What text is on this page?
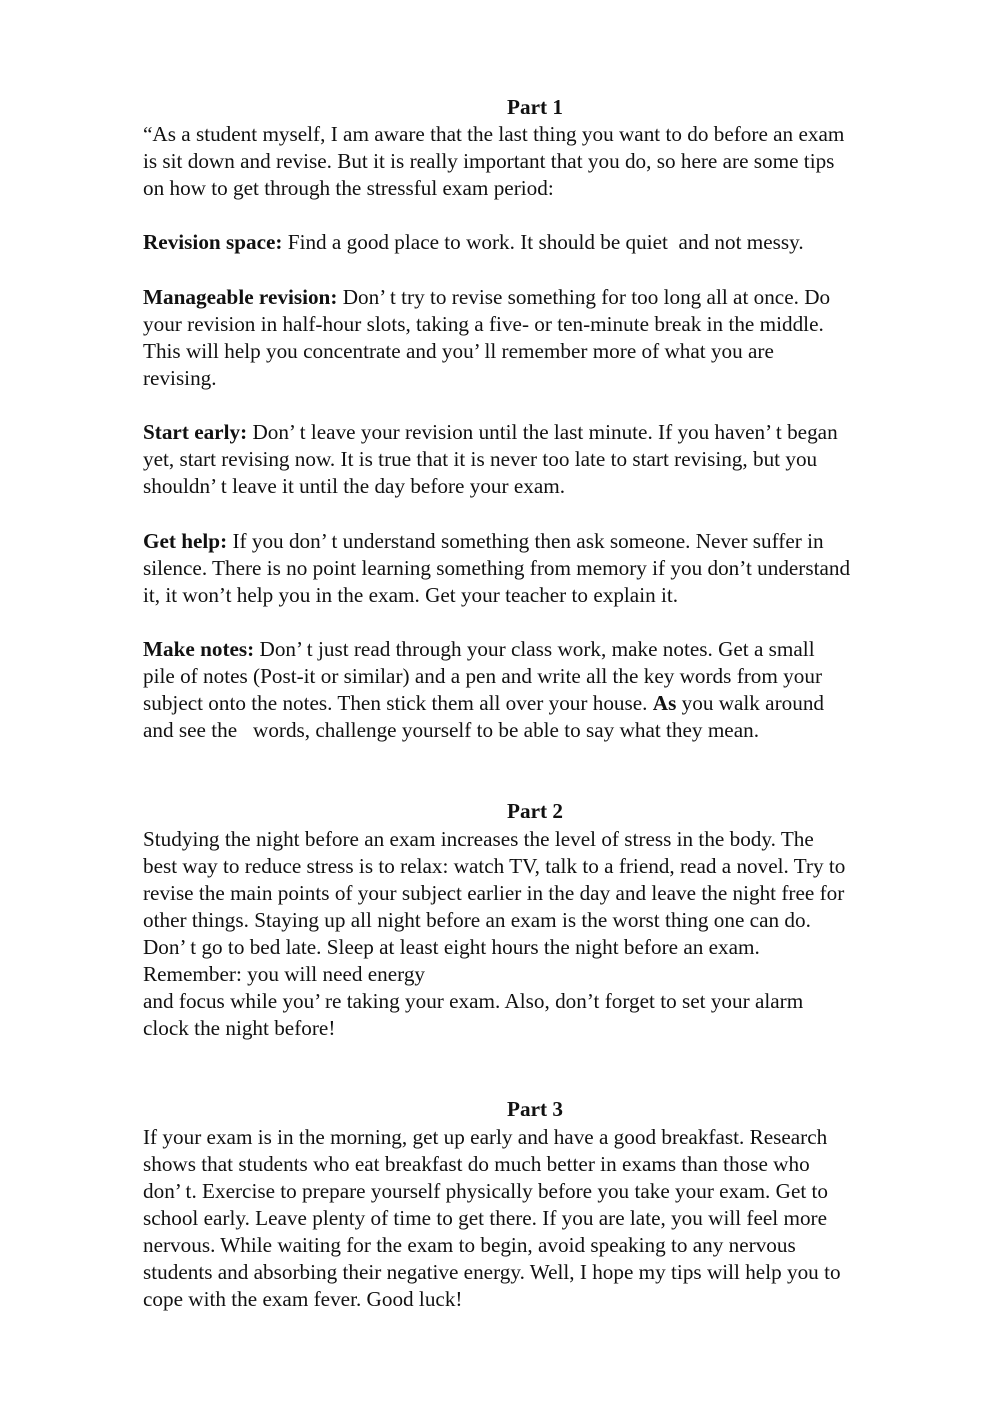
Part 1
“As a student myself, I am aware that the last thing you want to do before an exam
is sit down and revise. But it is really important that you do, so here are some tips
on how to get through the stressful exam period:
Revision space: Find a good place to work. It should be quiet  and not messy.
Manageable revision: Don’ t try to revise something for too long all at once. Do
your revision in half-hour slots, taking a five- or ten-minute break in the middle.
This will help you concentrate and you’ ll remember more of what you are
revising.
Start early: Don’ t leave your revision until the last minute. If you haven’ t began
yet, start revising now. It is true that it is never too late to start revising, but you
shouldn’ t leave it until the day before your exam.
Get help: If you don’ t understand something then ask someone. Never suffer in
silence. There is no point learning something from memory if you don’t understand
it, it won’t help you in the exam. Get your teacher to explain it.
Make notes: Don’ t just read through your class work, make notes. Get a small
pile of notes (Post-it or similar) and a pen and write all the key words from your
subject onto the notes. Then stick them all over your house. As you walk around
and see the   words, challenge yourself to be able to say what they mean.
Part 2
Studying the night before an exam increases the level of stress in the body. The
best way to reduce stress is to relax: watch TV, talk to a friend, read a novel. Try to
revise the main points of your subject earlier in the day and leave the night free for
other things. Staying up all night before an exam is the worst thing one can do.
Don’ t go to bed late. Sleep at least eight hours the night before an exam.
Remember: you will need energy
and focus while you’ re taking your exam. Also, don’t forget to set your alarm
clock the night before!
Part 3
If your exam is in the morning, get up early and have a good breakfast. Research
shows that students who eat breakfast do much better in exams than those who
don’ t. Exercise to prepare yourself physically before you take your exam. Get to
school early. Leave plenty of time to get there. If you are late, you will feel more
nervous. While waiting for the exam to begin, avoid speaking to any nervous
students and absorbing their negative energy. Well, I hope my tips will help you to
cope with the exam fever. Good luck!
